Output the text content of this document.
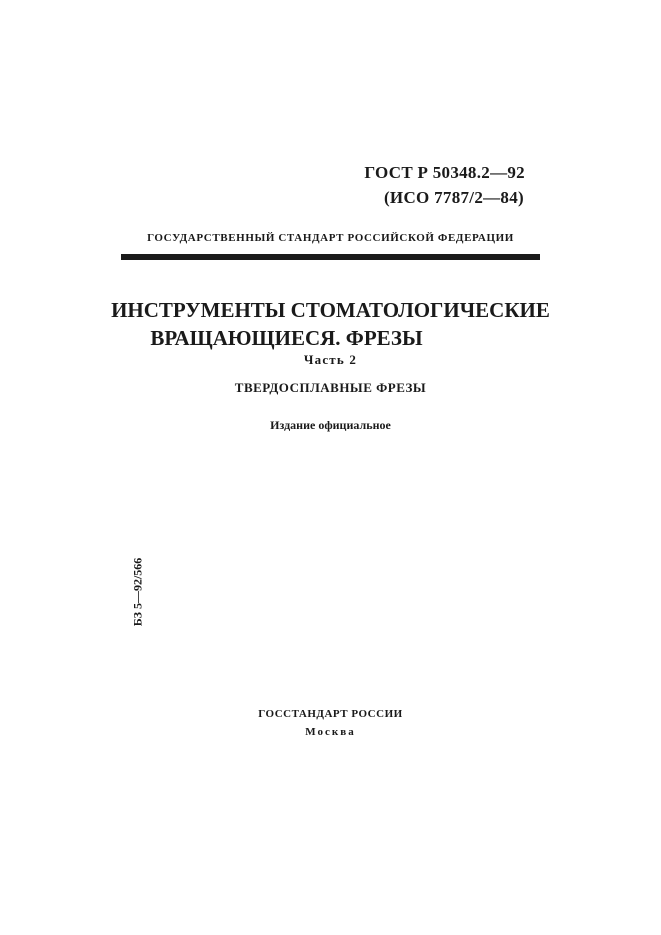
ГОСТ Р 50348.2—92
(ИСО 7787/2—84)
ГОСУДАРСТВЕННЫЙ СТАНДАРТ РОССИЙСКОЙ ФЕДЕРАЦИИ
ИНСТРУМЕНТЫ СТОМАТОЛОГИЧЕСКИЕ
ВРАЩАЮЩИЕСЯ. ФРЕЗЫ
Часть 2
ТВЕРДОСПЛАВНЫЕ ФРЕЗЫ
Издание официальное
БЗ 5—92/566
ГОССТАНДАРТ РОССИИ
Москва
